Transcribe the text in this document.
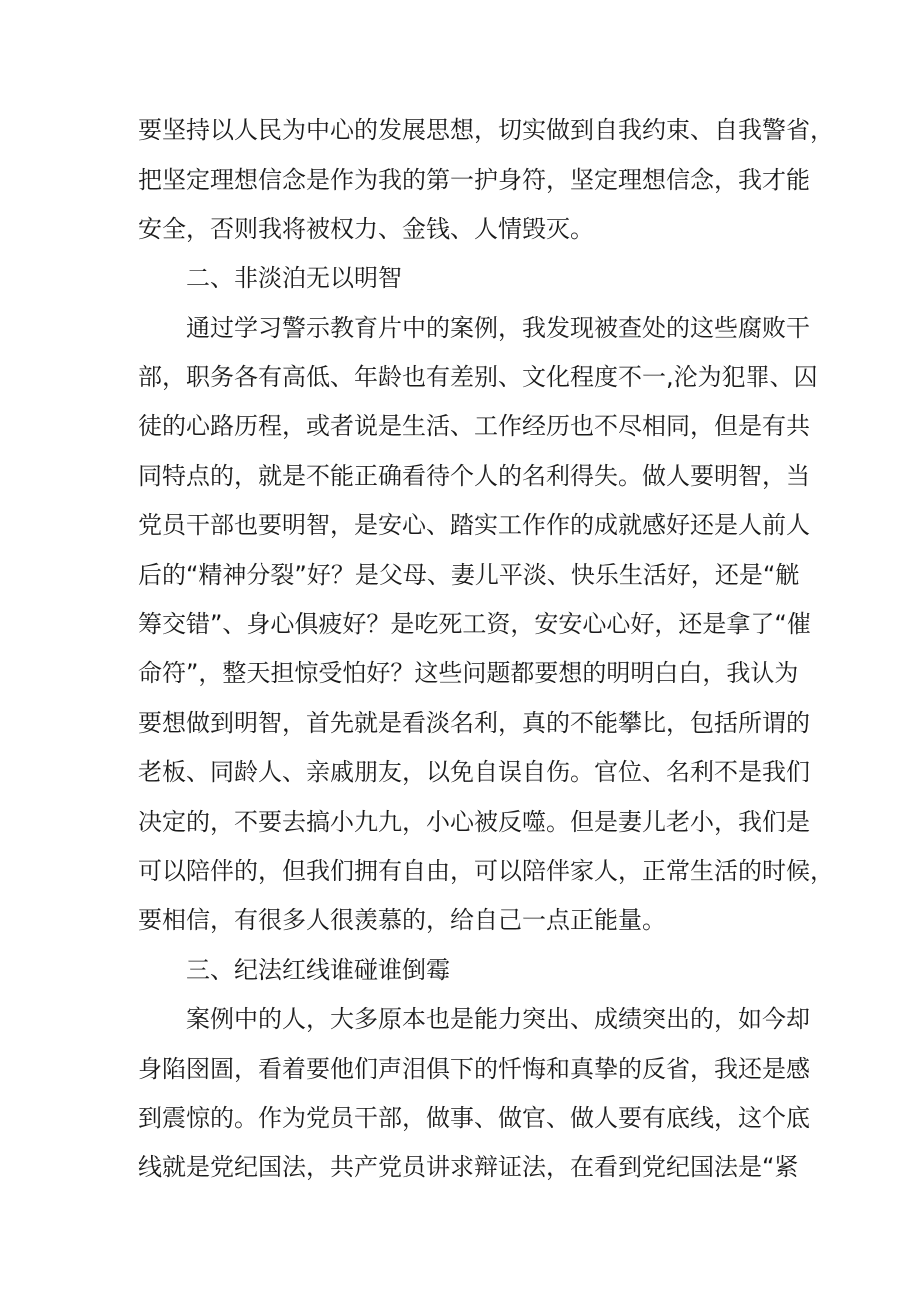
要坚持以人民为中心的发展思想，切实做到自我约束、自我警省，
把坚定理想信念是作为我的第一护身符，坚定理想信念，我才能
安全，否则我将被权力、金钱、人情毁灭。
二、非淡泊无以明智
通过学习警示教育片中的案例，我发现被查处的这些腐败干
部，职务各有高低、年龄也有差别、文化程度不一,沦为犯罪、囚
徒的心路历程，或者说是生活、工作经历也不尽相同，但是有共
同特点的，就是不能正确看待个人的名利得失。做人要明智，当
党员干部也要明智，是安心、踏实工作作的成就感好还是人前人
后的“精神分裂”好？是父母、妻儿平淡、快乐生活好，还是“觥
筹交错”、身心俱疲好？是吃死工资，安安心心好，还是拿了“催
命符”，整天担惊受怕好？这些问题都要想的明明白白，我认为
要想做到明智，首先就是看淡名利，真的不能攀比，包括所谓的
老板、同龄人、亲戚朋友，以免自误自伤。官位、名利不是我们
决定的，不要去搞小九九，小心被反噬。但是妻儿老小，我们是
可以陪伴的，但我们拥有自由，可以陪伴家人，正常生活的时候，
要相信，有很多人很羡慕的，给自己一点正能量。
三、纪法红线谁碰谁倒霉
案例中的人，大多原本也是能力突出、成绩突出的，如今却
身陷囹圄，看着要他们声泪俱下的忏悔和真挚的反省，我还是感
到震惊的。作为党员干部，做事、做官、做人要有底线，这个底
线就是党纪国法，共产党员讲求辩证法，在看到党纪国法是“紧
